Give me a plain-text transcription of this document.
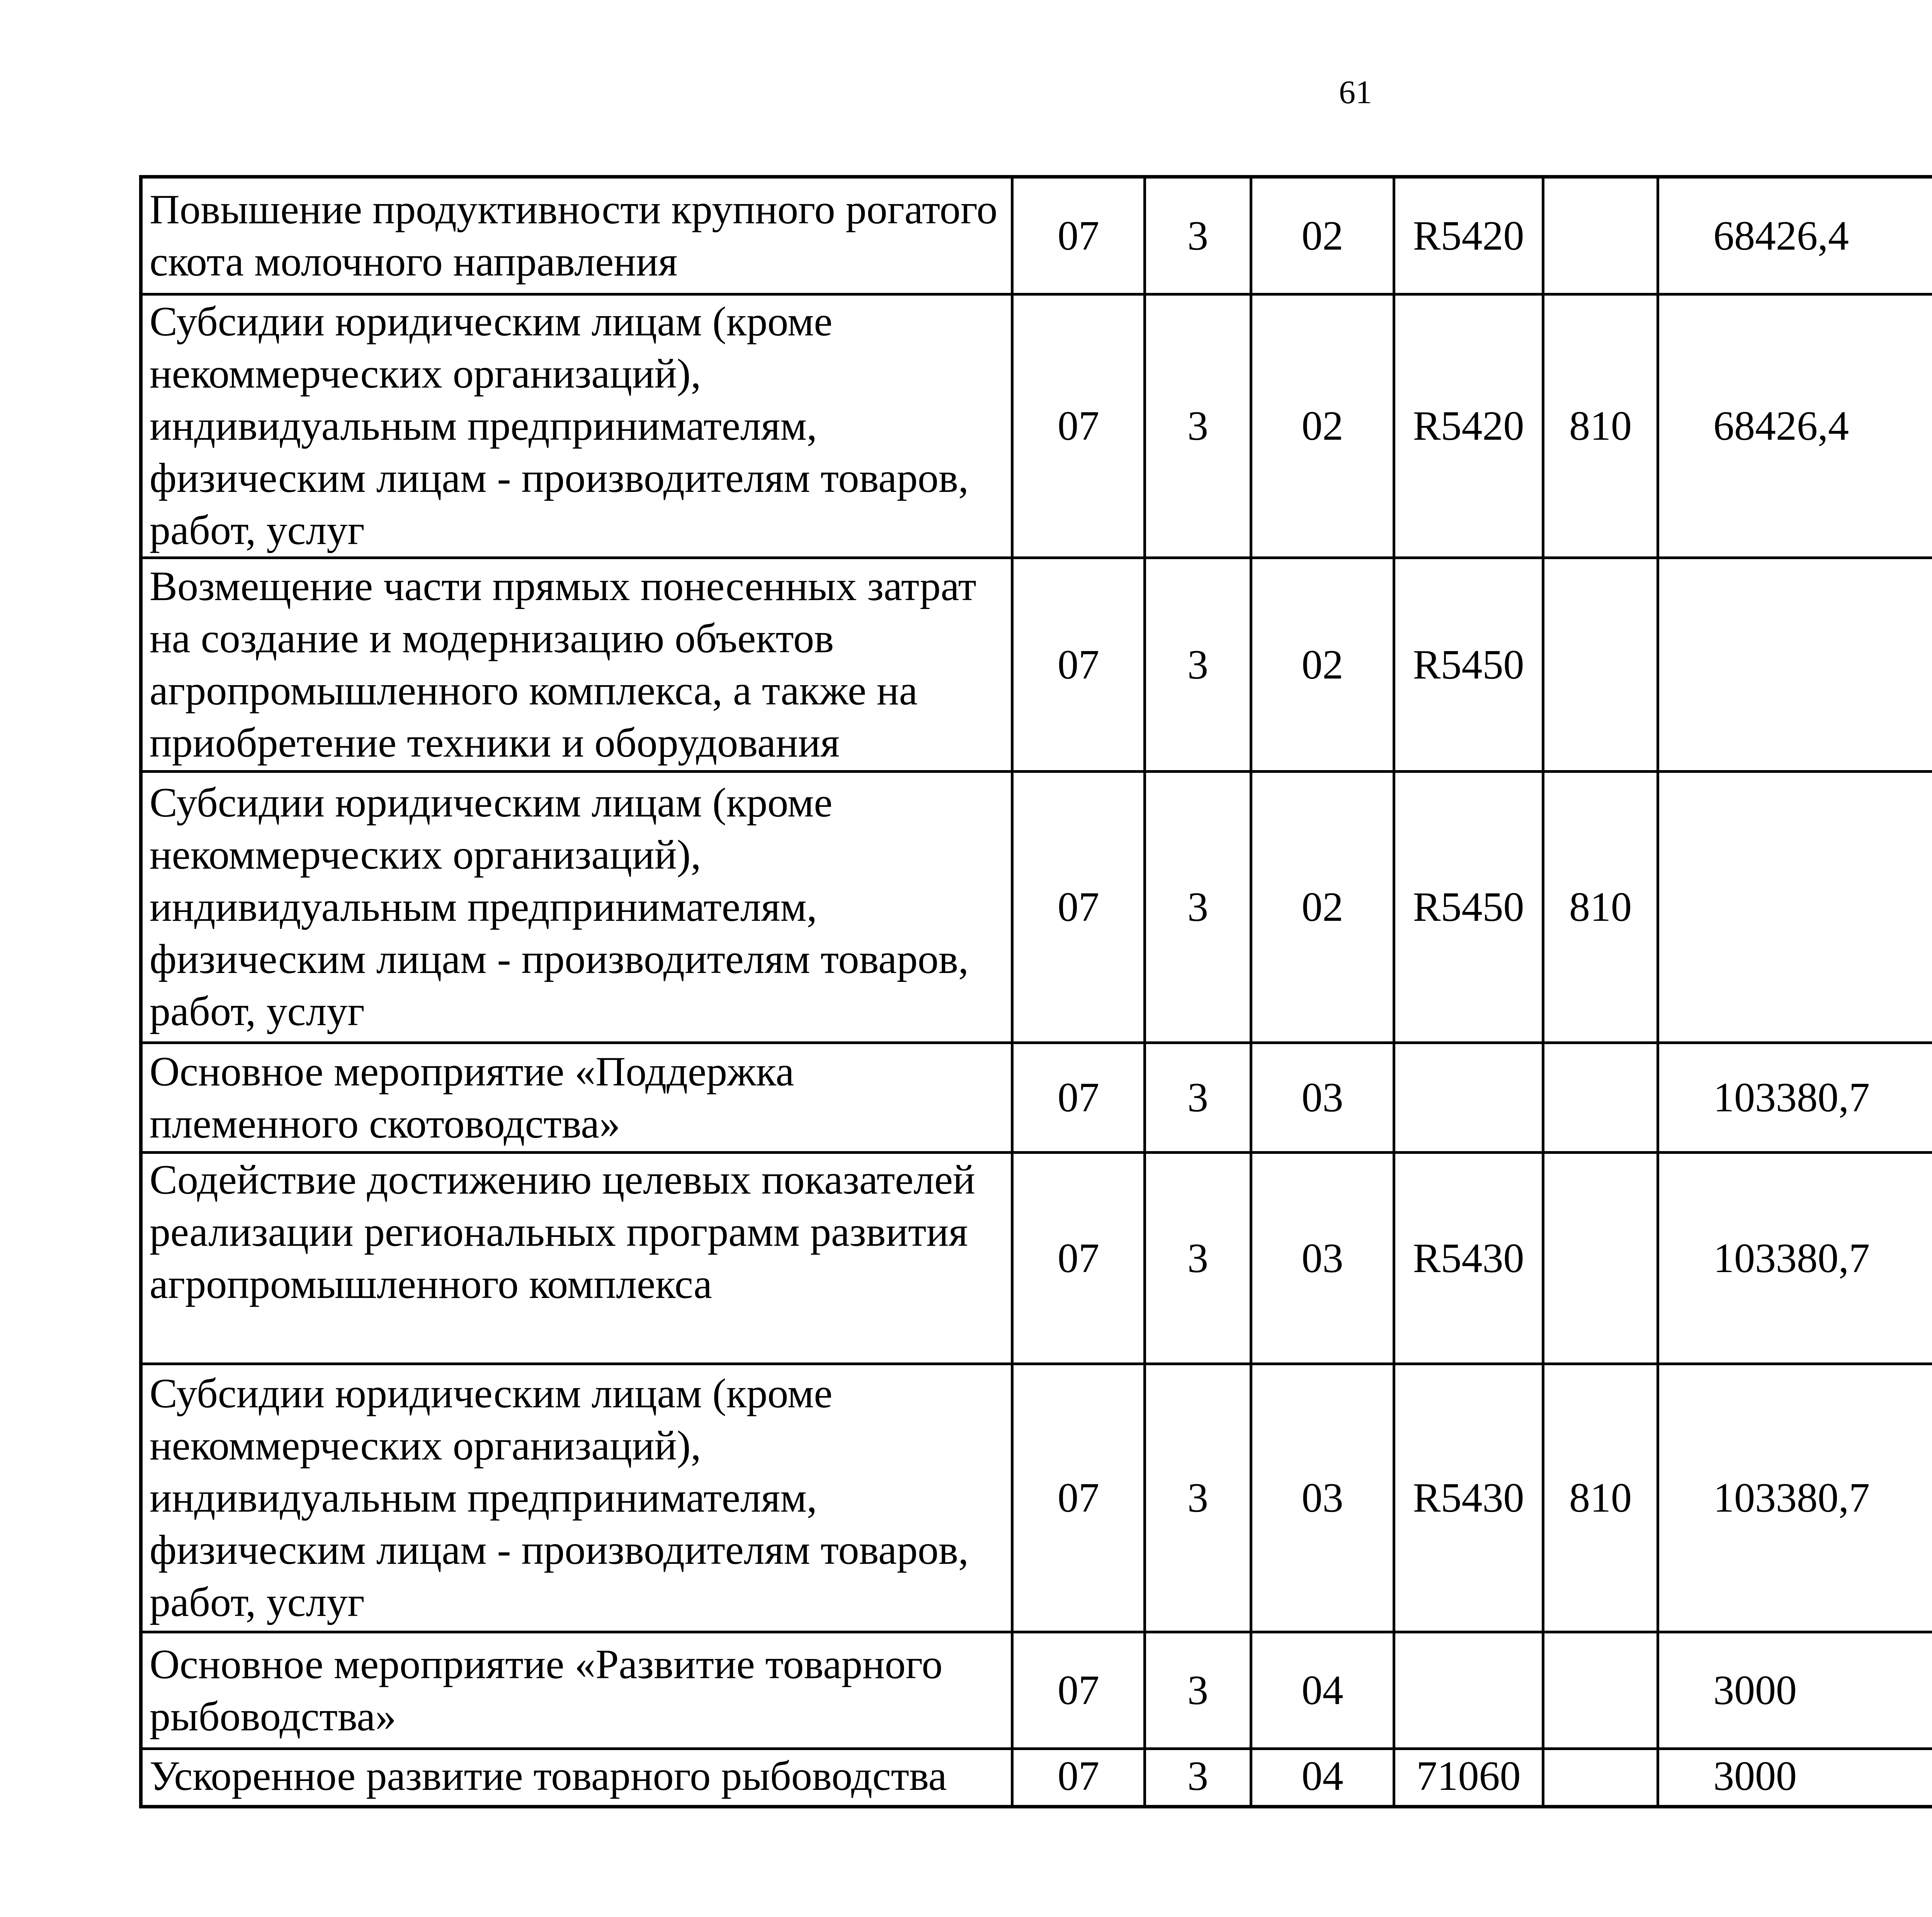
61
Повышение продуктивности крупного рогатого скота молочного направления	07	3	02	R5420		68426,4		
Субсидии юридическим лицам (кроме некоммерческих организаций), индивидуальным предпринимателям, физическим лицам - производителям товаров, работ, услуг	07	3	02	R5420	810	68426,4		
Возмещение части прямых понесенных затрат на создание и модернизацию объектов агропромышленного комплекса, а также на приобретение техники и оборудования	07	3	02	R5450				
Субсидии юридическим лицам (кроме некоммерческих организаций), индивидуальным предпринимателям, физическим лицам - производителям товаров, работ, услуг	07	3	02	R5450	810			
Основное мероприятие «Поддержка племенного скотоводства»	07	3	03			103380,7		
Содействие достижению целевых показателей реализации региональных программ развития агропромышленного комплекса	07	3	03	R5430		103380,7		
Субсидии юридическим лицам (кроме некоммерческих организаций), индивидуальным предпринимателям, физическим лицам - производителям товаров, работ, услуг	07	3	03	R5430	810	103380,7		
Основное мероприятие «Развитие товарного рыбоводства»	07	3	04			3000		
Ускоренное развитие товарного рыбоводства	07	3	04	71060		3000		
